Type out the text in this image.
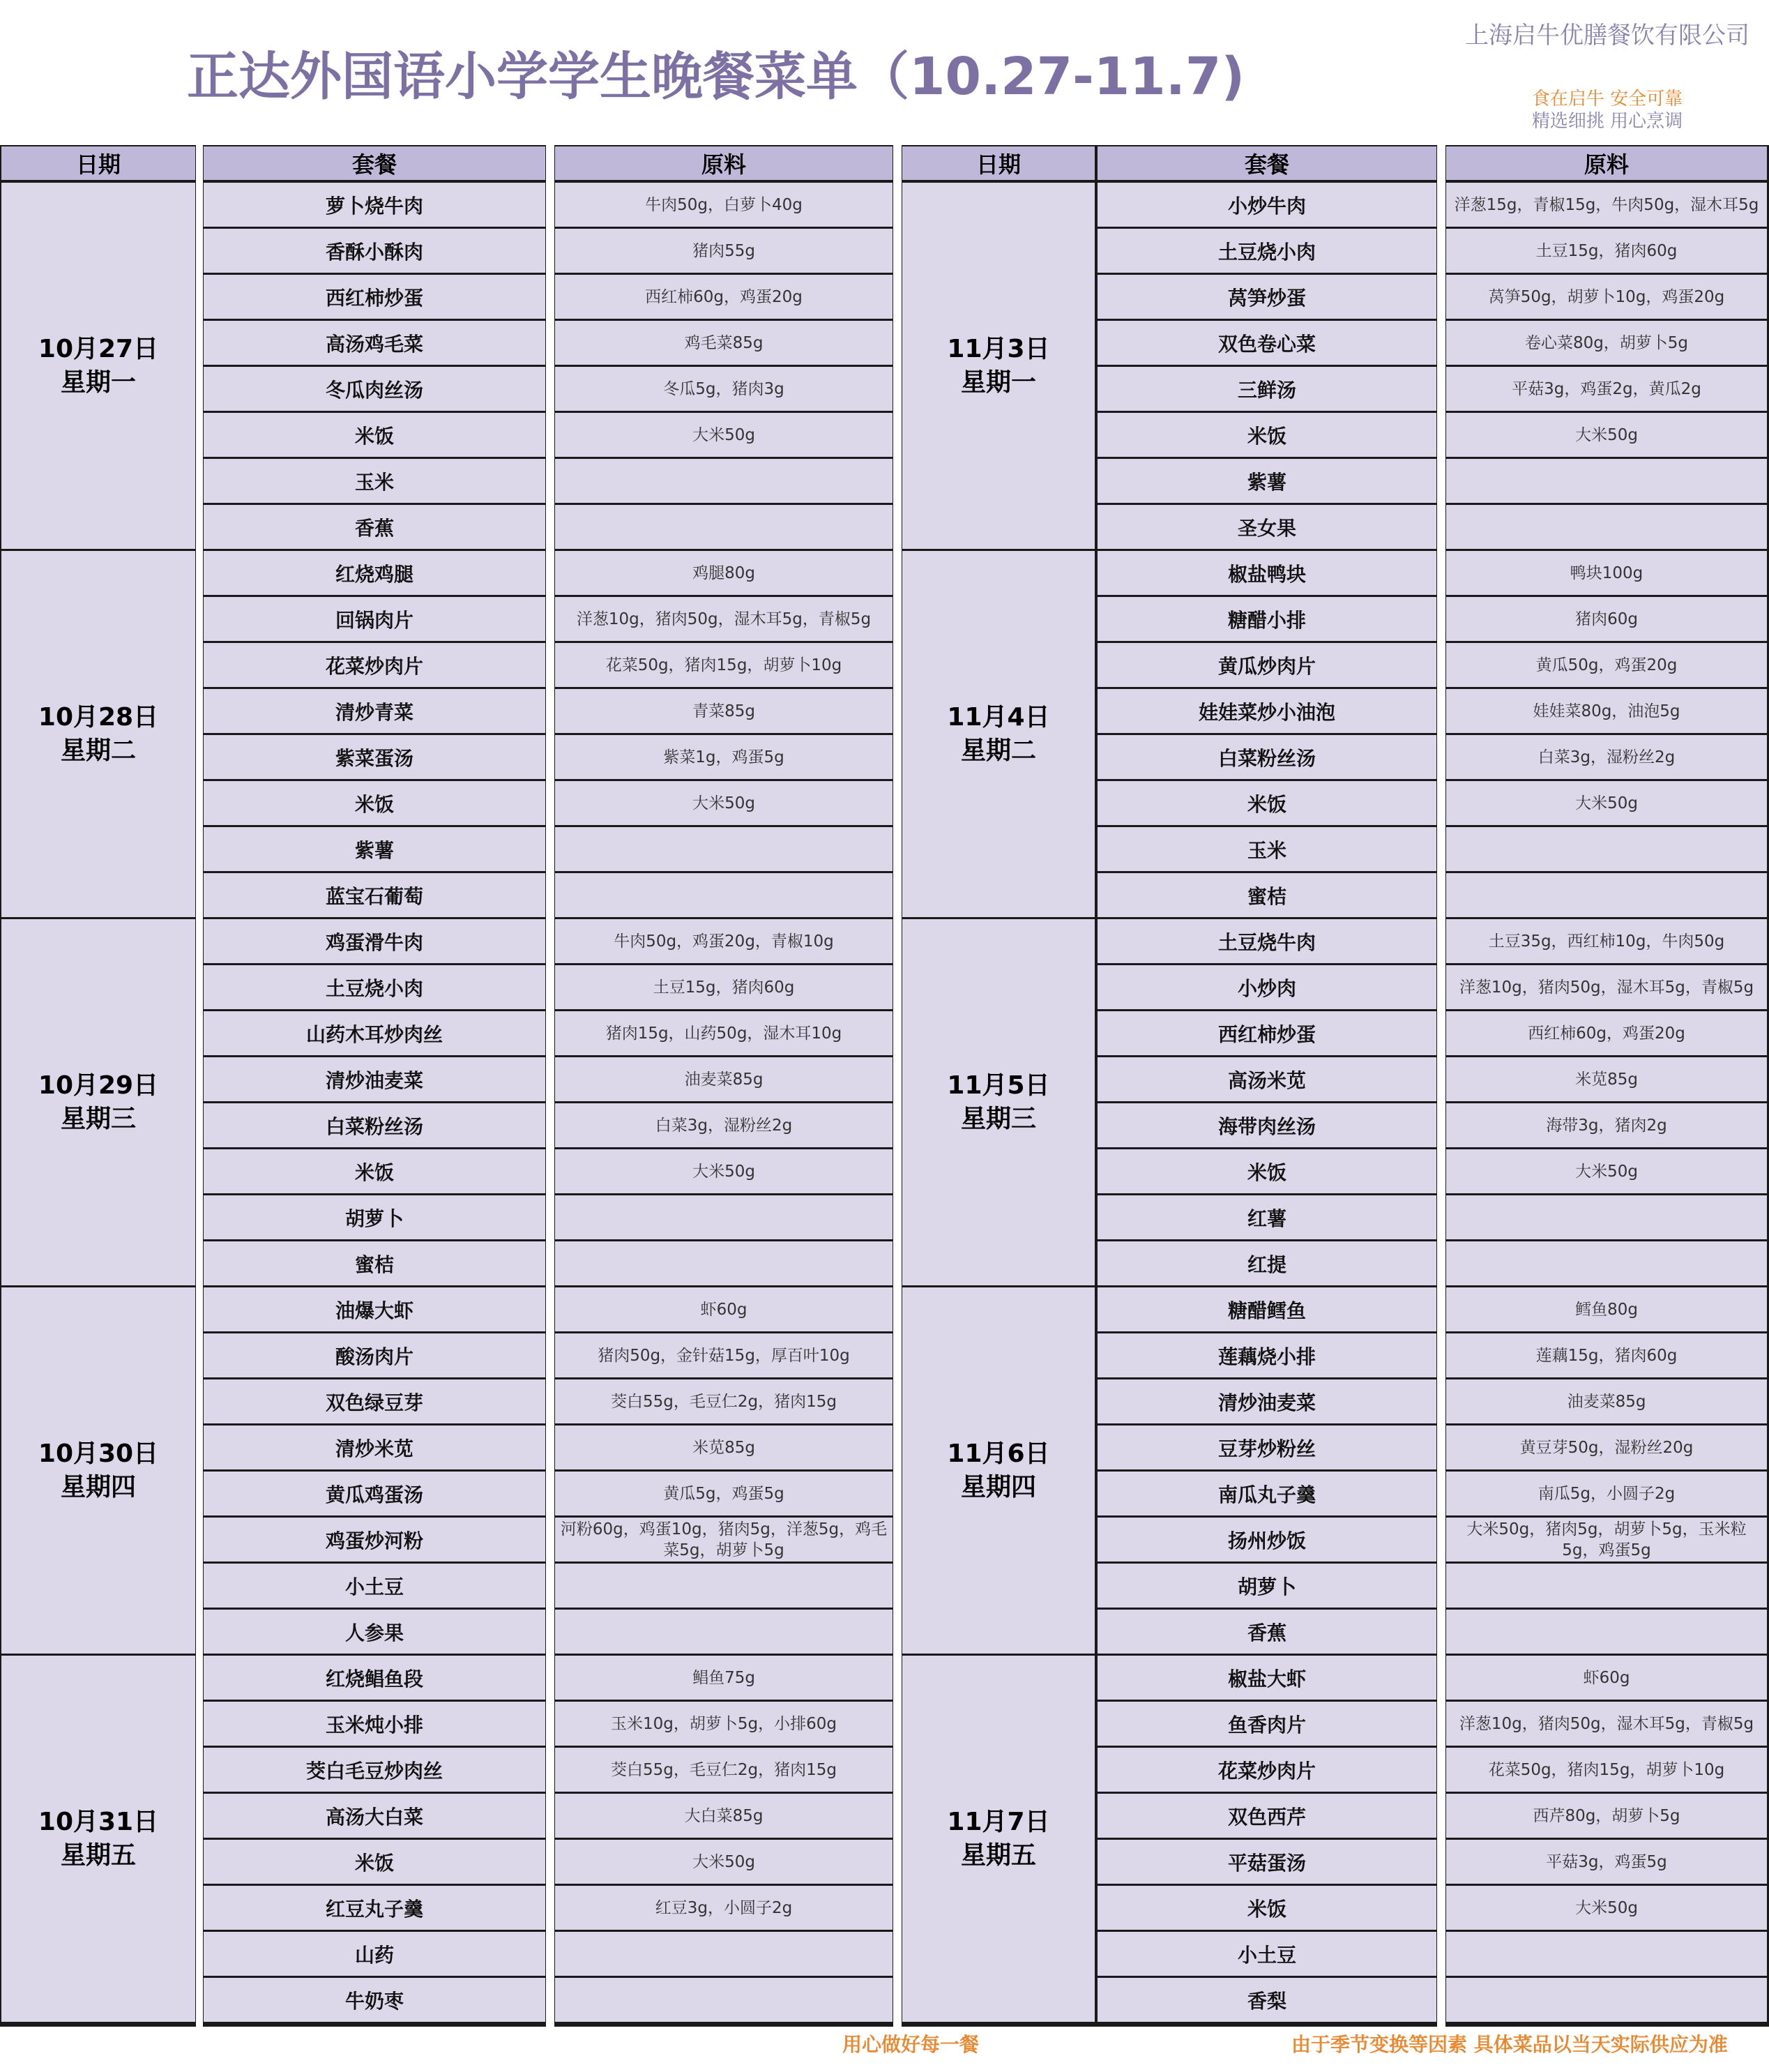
正达外国语小学学生晚餐菜单（10.27-11.7)
上海启牛优膳餐饮有限公司
食在启牛 安全可靠
精选细挑 用心烹调
日期	套餐	原料
10月27日
星期一
萝卜烧牛肉	牛肉50g，白萝卜40g
香酥小酥肉	猪肉55g
西红柿炒蛋	西红柿60g，鸡蛋20g
高汤鸡毛菜	鸡毛菜85g
冬瓜肉丝汤	冬瓜5g，猪肉3g
米饭	大米50g
玉米
香蕉
10月28日
星期二
红烧鸡腿	鸡腿80g
回锅肉片	洋葱10g，猪肉50g，湿木耳5g，青椒5g
花菜炒肉片	花菜50g，猪肉15g，胡萝卜10g
清炒青菜	青菜85g
紫菜蛋汤	紫菜1g，鸡蛋5g
米饭	大米50g
紫薯
蓝宝石葡萄
10月29日
星期三
鸡蛋滑牛肉	牛肉50g，鸡蛋20g，青椒10g
土豆烧小肉	土豆15g，猪肉60g
山药木耳炒肉丝	猪肉15g，山药50g，湿木耳10g
清炒油麦菜	油麦菜85g
白菜粉丝汤	白菜3g，湿粉丝2g
米饭	大米50g
胡萝卜
蜜桔
10月30日
星期四
油爆大虾	虾60g
酸汤肉片	猪肉50g，金针菇15g，厚百叶10g
双色绿豆芽	茭白55g，毛豆仁2g，猪肉15g
清炒米苋	米苋85g
黄瓜鸡蛋汤	黄瓜5g，鸡蛋5g
鸡蛋炒河粉	河粉60g，鸡蛋10g，猪肉5g，洋葱5g，鸡毛菜5g，胡萝卜5g
小土豆
人参果
10月31日
星期五
红烧鲳鱼段	鲳鱼75g
玉米炖小排	玉米10g，胡萝卜5g，小排60g
茭白毛豆炒肉丝	茭白55g，毛豆仁2g，猪肉15g
高汤大白菜	大白菜85g
米饭	大米50g
红豆丸子羹	红豆3g，小圆子2g
山药
牛奶枣
日期	套餐	原料
11月3日
星期一
小炒牛肉	洋葱15g，青椒15g，牛肉50g，湿木耳5g
土豆烧小肉	土豆15g，猪肉60g
莴笋炒蛋	莴笋50g，胡萝卜10g，鸡蛋20g
双色卷心菜	卷心菜80g，胡萝卜5g
三鲜汤	平菇3g，鸡蛋2g，黄瓜2g
米饭	大米50g
紫薯
圣女果
11月4日
星期二
椒盐鸭块	鸭块100g
糖醋小排	猪肉60g
黄瓜炒肉片	黄瓜50g，鸡蛋20g
娃娃菜炒小油泡	娃娃菜80g，油泡5g
白菜粉丝汤	白菜3g，湿粉丝2g
米饭	大米50g
玉米
蜜桔
11月5日
星期三
土豆烧牛肉	土豆35g，西红柿10g，牛肉50g
小炒肉	洋葱10g，猪肉50g，湿木耳5g，青椒5g
西红柿炒蛋	西红柿60g，鸡蛋20g
高汤米苋	米苋85g
海带肉丝汤	海带3g，猪肉2g
米饭	大米50g
红薯
红提
11月6日
星期四
糖醋鳕鱼	鳕鱼80g
莲藕烧小排	莲藕15g，猪肉60g
清炒油麦菜	油麦菜85g
豆芽炒粉丝	黄豆芽50g，湿粉丝20g
南瓜丸子羹	南瓜5g，小圆子2g
扬州炒饭	大米50g，猪肉5g，胡萝卜5g，玉米粒5g，鸡蛋5g
胡萝卜
香蕉
11月7日
星期五
椒盐大虾	虾60g
鱼香肉片	洋葱10g，猪肉50g，湿木耳5g，青椒5g
花菜炒肉片	花菜50g，猪肉15g，胡萝卜10g
双色西芹	西芹80g，胡萝卜5g
平菇蛋汤	平菇3g，鸡蛋5g
米饭	大米50g
小土豆
香梨
用心做好每一餐	由于季节变换等因素 具体菜品以当天实际供应为准
